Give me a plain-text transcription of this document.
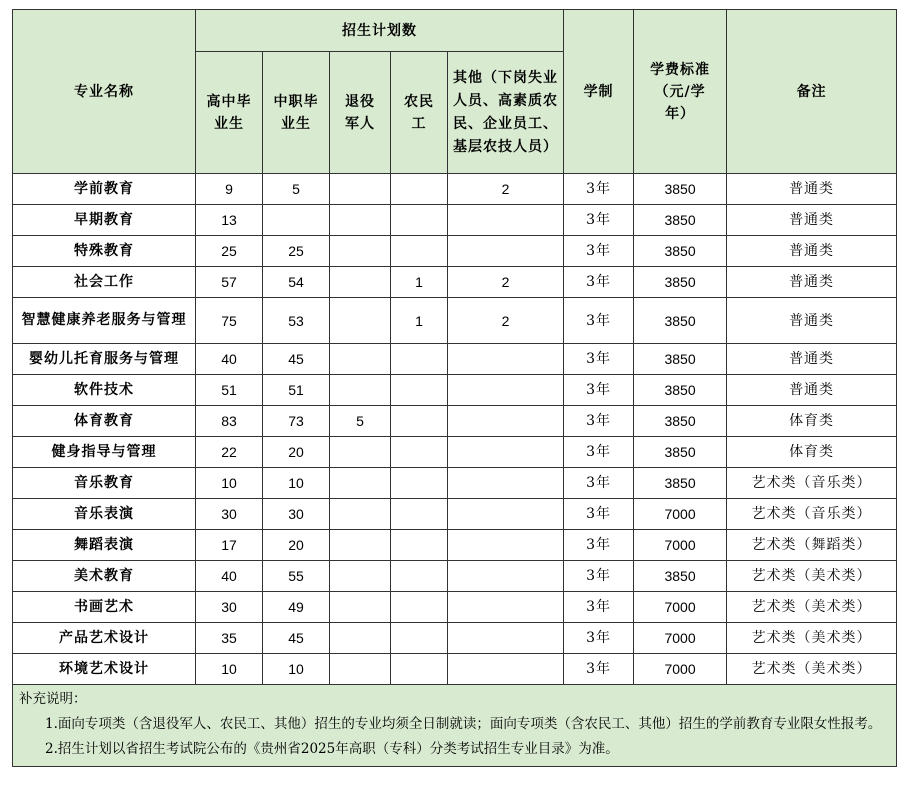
专业名称	招生计划数					学制	学费标准（元/学年）	备注

	高中毕业生	中职毕业生	退役军人	农民工	其他（下岗失业人员、高素质农民、企业员工、基层农技人员）			

学前教育	9	5			2	3年	3850	普通类
早期教育	13					3年	3850	普通类
特殊教育	25	25				3年	3850	普通类
社会工作	57	54		1	2	3年	3850	普通类
智慧健康养老服务与管理	75	53		1	2	3年	3850	普通类
婴幼儿托育服务与管理	40	45				3年	3850	普通类
软件技术	51	51				3年	3850	普通类
体育教育	83	73	5			3年	3850	体育类
健身指导与管理	22	20				3年	3850	体育类
音乐教育	10	10				3年	3850	艺术类（音乐类）
音乐表演	30	30				3年	7000	艺术类（音乐类）
舞蹈表演	17	20				3年	7000	艺术类（舞蹈类）
美术教育	40	55				3年	3850	艺术类（美术类）
书画艺术	30	49				3年	7000	艺术类（美术类）
产品艺术设计	35	45				3年	7000	艺术类（美术类）
环境艺术设计	10	10				3年	7000	艺术类（美术类）

补充说明：
1.面向专项类（含退役军人、农民工、其他）招生的专业均须全日制就读；面向专项类（含农民工、其他）招生的学前教育专业限女性报考。
2.招生计划以省招生考试院公布的《贵州省2025年高职（专科）分类考试招生专业目录》为准。								
